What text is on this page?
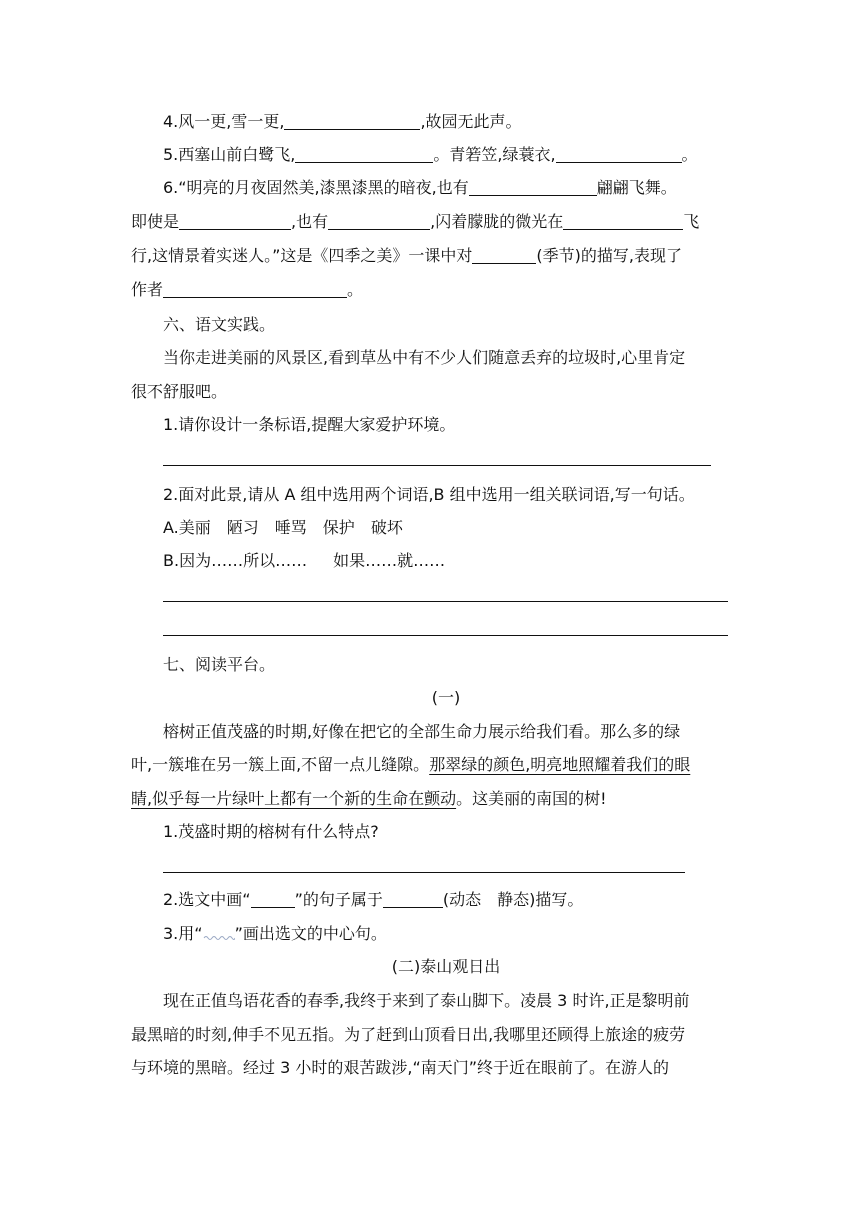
4.风一更,雪一更,	,故园无此声。
5.西塞山前白鹭飞,	。青箬笠,绿蓑衣,	。
6.“明亮的月夜固然美,漆黑漆黑的暗夜,也有	翩翩飞舞。
即使是	,也有	,闪着朦胧的微光在	飞
行,这情景着实迷人。”这是《四季之美》一课中对	(季节)的描写,表现了
作者	。
六、语文实践。
当你走进美丽的风景区,看到草丛中有不少人们随意丢弃的垃圾时,心里肯定
很不舒服吧。
1.请你设计一条标语,提醒大家爱护环境。
2.面对此景,请从 A 组中选用两个词语,B 组中选用一组关联词语,写一句话。
A.美丽 陋习 唾骂 保护 破坏
B.因为……所以…… 如果……就……
七、阅读平台。
(一)
榕树正值茂盛的时期,好像在把它的全部生命力展示给我们看。那么多的绿
叶,一簇堆在另一簇上面,不留一点儿缝隙。那翠绿的颜色,明亮地照耀着我们的眼
睛,似乎每一片绿叶上都有一个新的生命在颤动。这美丽的南国的树!
1.茂盛时期的榕树有什么特点?
2.选文中画“	”的句子属于	(动态 静态)描写。
3.用“ ”画出选文的中心句。
(二)泰山观日出
现在正值鸟语花香的春季,我终于来到了泰山脚下。凌晨 3 时许,正是黎明前
最黑暗的时刻,伸手不见五指。为了赶到山顶看日出,我哪里还顾得上旅途的疲劳
与环境的黑暗。经过 3 小时的艰苦跋涉,“南天门”终于近在眼前了。在游人的
